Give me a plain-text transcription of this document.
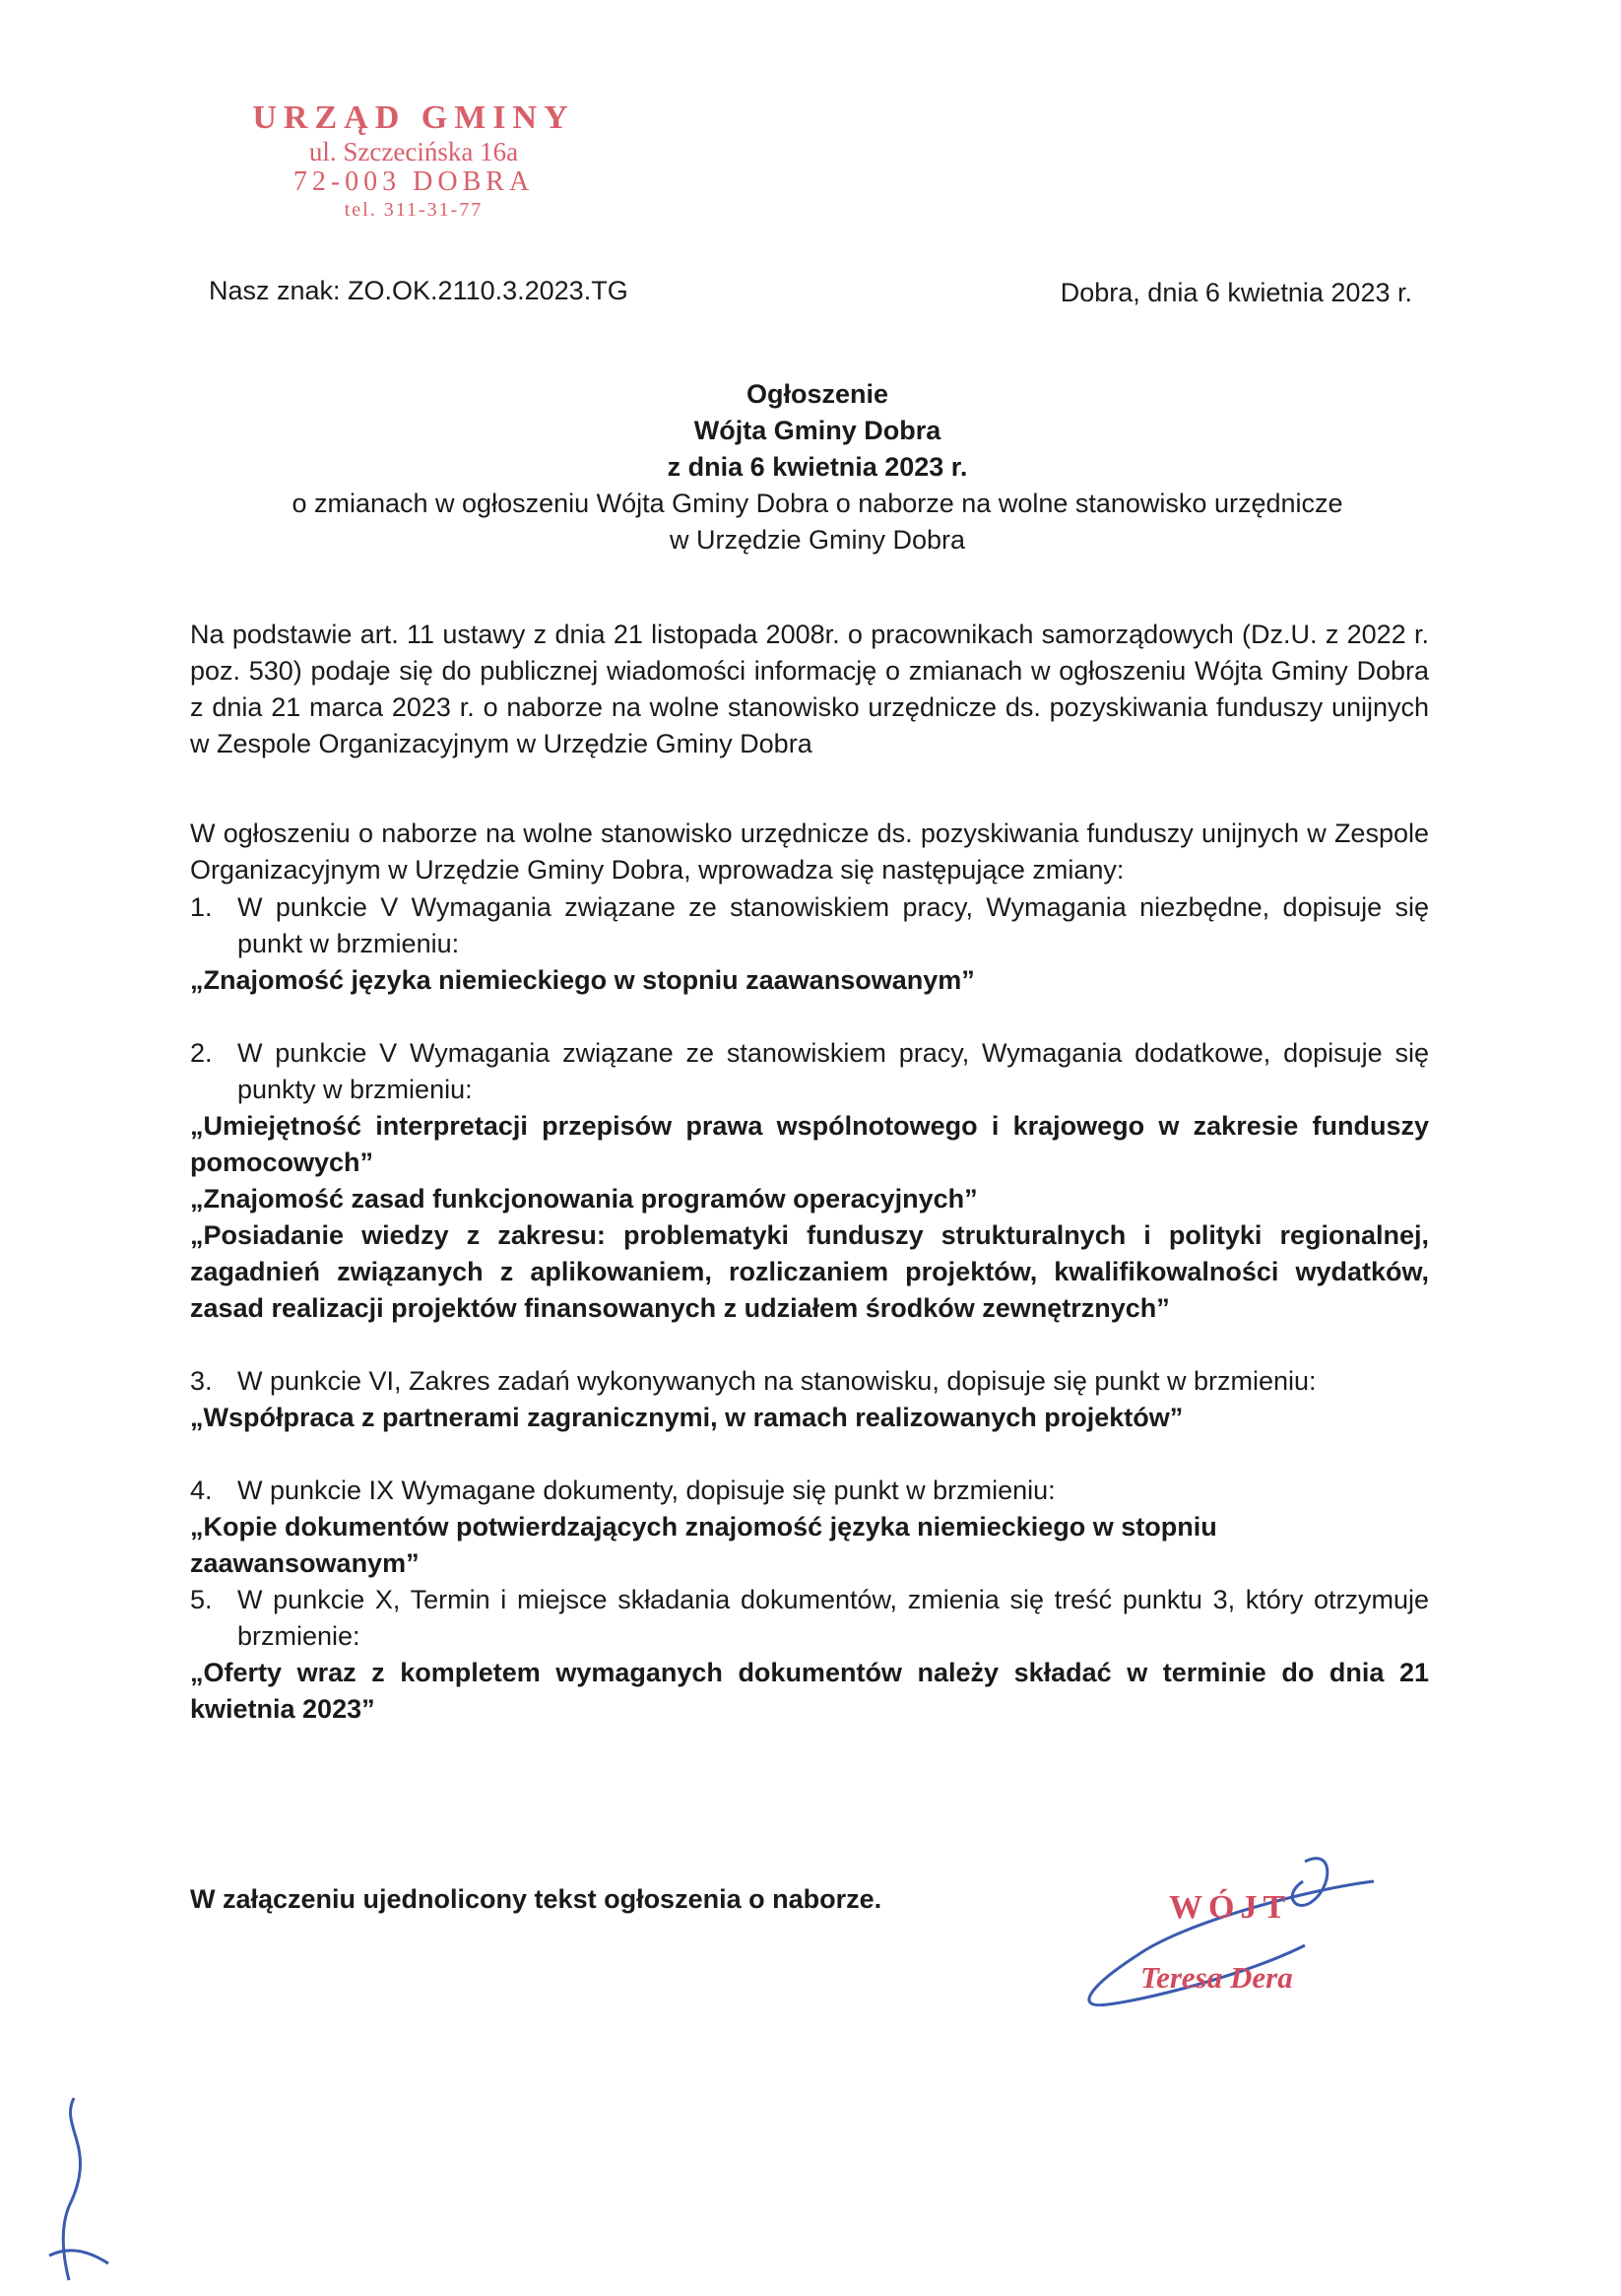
URZĄD GMINY
ul. Szczecińska 16a
72-003 DOBRA
tel. 311-31-77
Nasz znak: ZO.OK.2110.3.2023.TG	Dobra, dnia 6 kwietnia 2023 r.
Ogłoszenie
Wójta Gminy Dobra
z dnia 6 kwietnia 2023 r.
o zmianach w ogłoszeniu Wójta Gminy Dobra o naborze na wolne stanowisko urzędnicze
w Urzędzie Gminy Dobra
Na podstawie art. 11 ustawy z dnia 21 listopada 2008r. o pracownikach samorządowych (Dz.U. z 2022 r. poz. 530) podaje się do publicznej wiadomości informację o zmianach w ogłoszeniu Wójta Gminy Dobra z dnia 21 marca 2023 r. o naborze na wolne stanowisko urzędnicze ds. pozyskiwania funduszy unijnych w Zespole Organizacyjnym w Urzędzie Gminy Dobra
W ogłoszeniu o naborze na wolne stanowisko urzędnicze ds. pozyskiwania funduszy unijnych w Zespole Organizacyjnym w Urzędzie Gminy Dobra, wprowadza się następujące zmiany:
1. W punkcie V Wymagania związane ze stanowiskiem pracy, Wymagania niezbędne, dopisuje się punkt w brzmieniu:
„Znajomość języka niemieckiego w stopniu zaawansowanym”
2. W punkcie V Wymagania związane ze stanowiskiem pracy, Wymagania dodatkowe, dopisuje się punkty w brzmieniu:
„Umiejętność interpretacji przepisów prawa wspólnotowego i krajowego w zakresie funduszy pomocowych”
„Znajomość zasad funkcjonowania programów operacyjnych”
„Posiadanie wiedzy z zakresu: problematyki funduszy strukturalnych i polityki regionalnej, zagadnień związanych z aplikowaniem, rozliczaniem projektów, kwalifikowalności wydatków, zasad realizacji projektów finansowanych z udziałem środków zewnętrznych”
3. W punkcie VI, Zakres zadań wykonywanych na stanowisku, dopisuje się punkt w brzmieniu:
„Współpraca z partnerami zagranicznymi, w ramach realizowanych projektów”
4. W punkcie IX Wymagane dokumenty, dopisuje się punkt w brzmieniu:
„Kopie dokumentów potwierdzających znajomość języka niemieckiego w stopniu zaawansowanym”
5. W punkcie X, Termin i miejsce składania dokumentów, zmienia się treść punktu 3, który otrzymuje brzmienie:
„Oferty wraz z kompletem wymaganych dokumentów należy składać w terminie do dnia 21 kwietnia 2023”
W załączeniu ujednolicony tekst ogłoszenia o naborze.	WÓJT
Teresa Dera
